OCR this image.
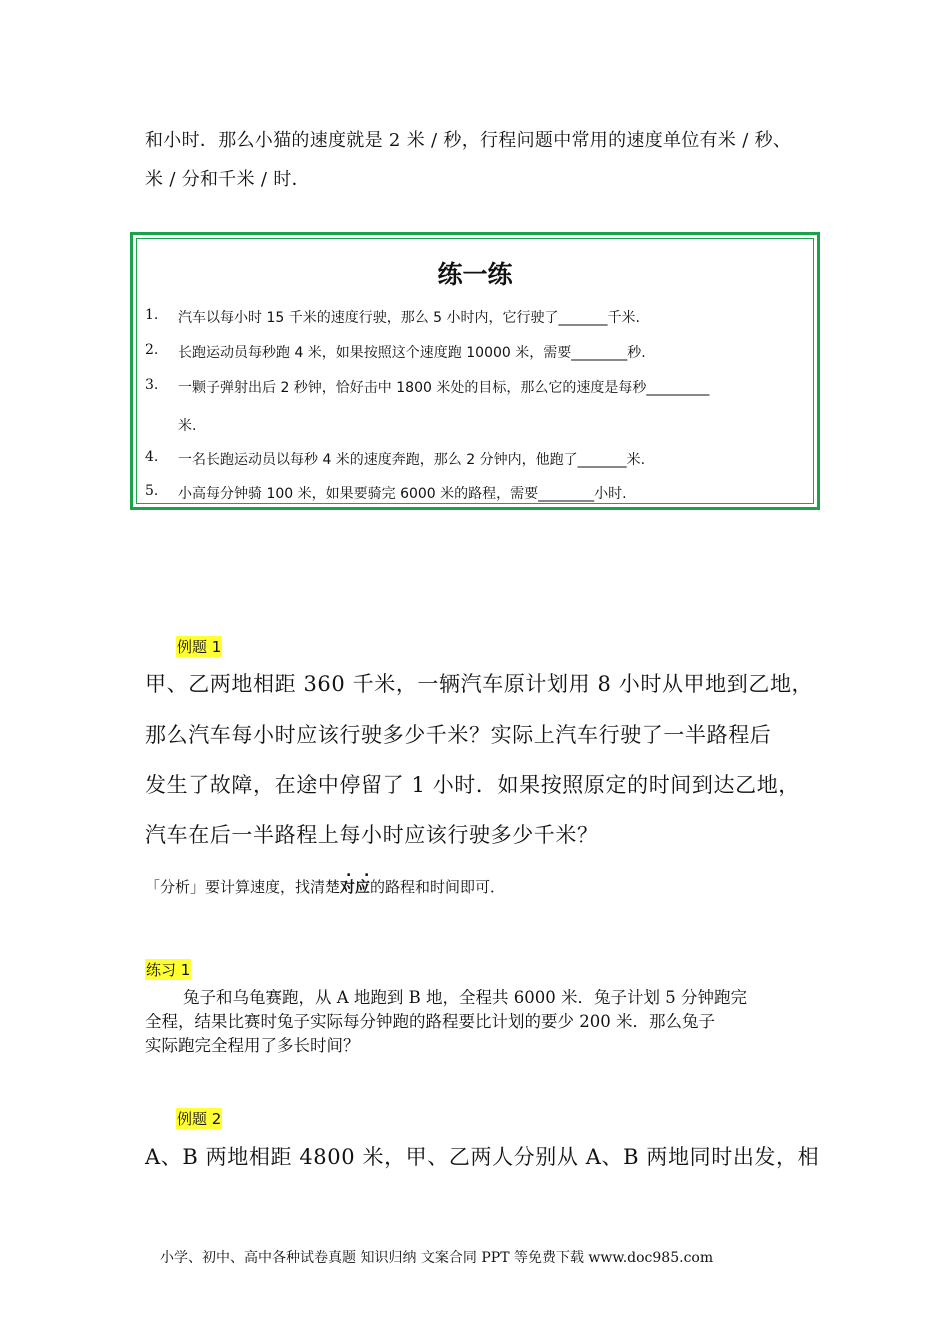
和小时．那么小猫的速度就是 2 米 / 秒，行程问题中常用的速度单位有米 / 秒、
米 / 分和千米 / 时．
练一练
1.	汽车以每小时 15 千米的速度行驶，那么 5 小时内，它行驶了_______千米.
2.	长跑运动员每秒跑 4 米，如果按照这个速度跑 10000 米，需要________秒.
3.	一颗子弹射出后 2 秒钟，恰好击中 1800 米处的目标，那么它的速度是每秒_________
米.
4.	一名长跑运动员以每秒 4 米的速度奔跑，那么 2 分钟内，他跑了_______米.
5.	小高每分钟骑 100 米，如果要骑完 6000 米的路程，需要________小时.
例题 1
甲、乙两地相距 360 千米，一辆汽车原计划用 8 小时从甲地到乙地，
那么汽车每小时应该行驶多少千米？实际上汽车行驶了一半路程后
发生了故障，在途中停留了 1 小时．如果按照原定的时间到达乙地，
汽车在后一半路程上每小时应该行驶多少千米？
「分析」要计算速度，找清楚
. .
对应的路程和时间即可．
练习 1
兔子和乌龟赛跑，从 A 地跑到 B 地，全程共 6000 米．兔子计划 5 分钟跑完
全程，结果比赛时兔子实际每分钟跑的路程要比计划的要少 200 米．那么兔子
实际跑完全程用了多长时间？
例题 2
A、B 两地相距 4800 米，甲、乙两人分别从 A、B 两地同时出发，相
小学、初中、高中各种试卷真题 知识归纳 文案合同 PPT 等免费下载 www.doc985.com
